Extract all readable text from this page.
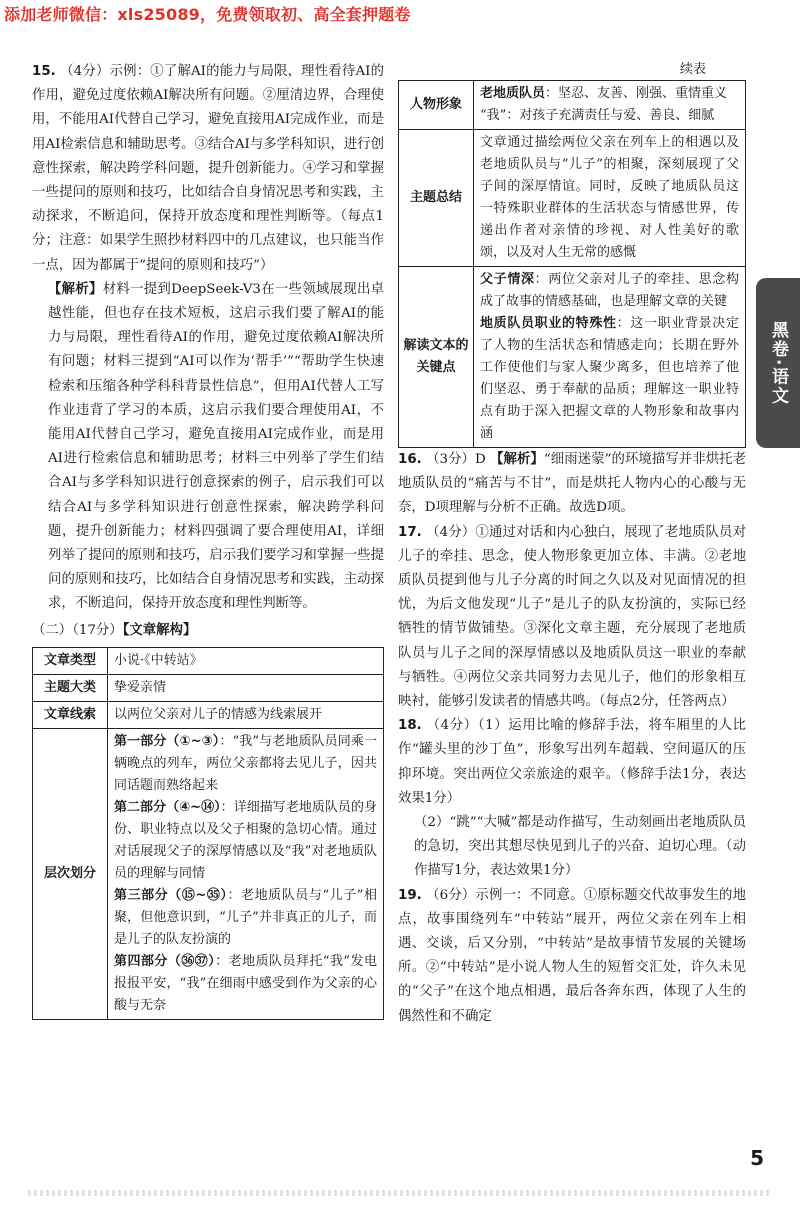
添加老师微信：xls25089，免费领取初、高全套押题卷

15. （4分）示例：①了解AI的能力与局限，理性看待AI的作用，避免过度依赖AI解决所有问题。②厘清边界，合理使用，不能用AI代替自己学习，避免直接用AI完成作业，而是用AI检索信息和辅助思考。③结合AI与多学科知识，进行创意性探索，解决跨学科问题，提升创新能力。④学习和掌握一些提问的原则和技巧，比如结合自身情况思考和实践，主动探求，不断追问，保持开放态度和理性判断等。（每点1分；注意：如果学生照抄材料四中的几点建议，也只能当作一点，因为都属于“提问的原则和技巧”）

【解析】材料一提到DeepSeek-V3在一些领域展现出卓越性能，但也存在技术短板，这启示我们要了解AI的能力与局限，理性看待AI的作用，避免过度依赖AI解决所有问题；材料三提到“AI可以作为‘帮手’”“帮助学生快速检索和压缩各种学科科背景性信息”，但用AI代替人工写作业违背了学习的本质，这启示我们要合理使用AI，不能用AI代替自己学习，避免直接用AI完成作业，而是用AI进行检索信息和辅助思考；材料三中列举了学生们结合AI与多学科知识进行创意探索的例子，启示我们可以结合AI与多学科知识进行创意性探索，解决跨学科问题，提升创新能力；材料四强调了要合理使用AI，详细列举了提问的原则和技巧，启示我们要学习和掌握一些提问的原则和技巧，比如结合自身情况思考和实践，主动探求，不断追问，保持开放态度和理性判断等。

（二）（17分）【文章解构】

文章类型	小说·《中转站》
主题大类	挚爱亲情
文章线索	以两位父亲对儿子的情感为线索展开
层次划分	第一部分（①~③）：“我”与老地质队员同乘一辆晚点的列车，两位父亲都将去见儿子，因共同话题而熟络起来

第二部分（④~⑭）：详细描写老地质队员的身份、职业特点以及父子相聚的急切心情。通过对话展现父子的深厚情感以及“我”对老地质队员的理解与同情

第三部分（⑮~㉟）：老地质队员与“儿子”相聚，但他意识到，“儿子”并非真正的儿子，而是儿子的队友扮演的

第四部分（㊱㊲）：老地质队员拜托“我”发电报报平安，“我”在细雨中感受到作为父亲的心酸与无奈

续表
人物形象	老地质队员：坚忍、友善、刚强、重情重义

“我”：对孩子充满责任与爱、善良、细腻

主题总结	文章通过描绘两位父亲在列车上的相遇以及老地质队员与“儿子”的相聚，深刻展现了父子间的深厚情谊。同时，反映了地质队员这一特殊职业群体的生活状态与情感世界，传递出作者对亲情的珍视、对人性美好的歌颂，以及对人生无常的感慨
解读文本的关键点	父子情深：两位父亲对儿子的牵挂、思念构成了故事的情感基础，也是理解文章的关键

地质队员职业的特殊性：这一职业背景决定了人物的生活状态和情感走向；长期在野外工作使他们与家人聚少离多，但也培养了他们坚忍、勇于奉献的品质；理解这一职业特点有助于深入把握文章的人物形象和故事内涵

16. （3分）D 【解析】“细雨迷蒙”的环境描写并非烘托老地质队员的“痛苦与不甘”，而是烘托人物内心的心酸与无奈，D项理解与分析不正确。故选D项。

17. （4分）①通过对话和内心独白，展现了老地质队员对儿子的牵挂、思念，使人物形象更加立体、丰满。②老地质队员提到他与儿子分离的时间之久以及对见面情况的担忧，为后文他发现“儿子”是儿子的队友扮演的，实际已经牺牲的情节做铺垫。③深化文章主题，充分展现了老地质队员与儿子之间的深厚情感以及地质队员这一职业的奉献与牺牲。④两位父亲共同努力去见儿子，他们的形象相互映衬，能够引发读者的情感共鸣。（每点2分，任答两点）

18. （4分）（1）运用比喻的修辞手法，将车厢里的人比作“罐头里的沙丁鱼”，形象写出列车超载、空间逼仄的压抑环境。突出两位父亲旅途的艰辛。（修辞手法1分，表达效果1分）

（2）“跳”“大喊”都是动作描写，生动刻画出老地质队员的急切，突出其想尽快见到儿子的兴奋、迫切心理。（动作描写1分，表达效果1分）

19. （6分）示例一：不同意。①原标题交代故事发生的地点，故事围绕列车“中转站”展开，两位父亲在列车上相遇、交谈，后又分别，“中转站”是故事情节发展的关键场所。②“中转站”是小说人物人生的短暂交汇处，许久未见的“父子”在这个地点相遇，最后各奔东西，体现了人生的偶然性和不确定

黑卷·语文
5
